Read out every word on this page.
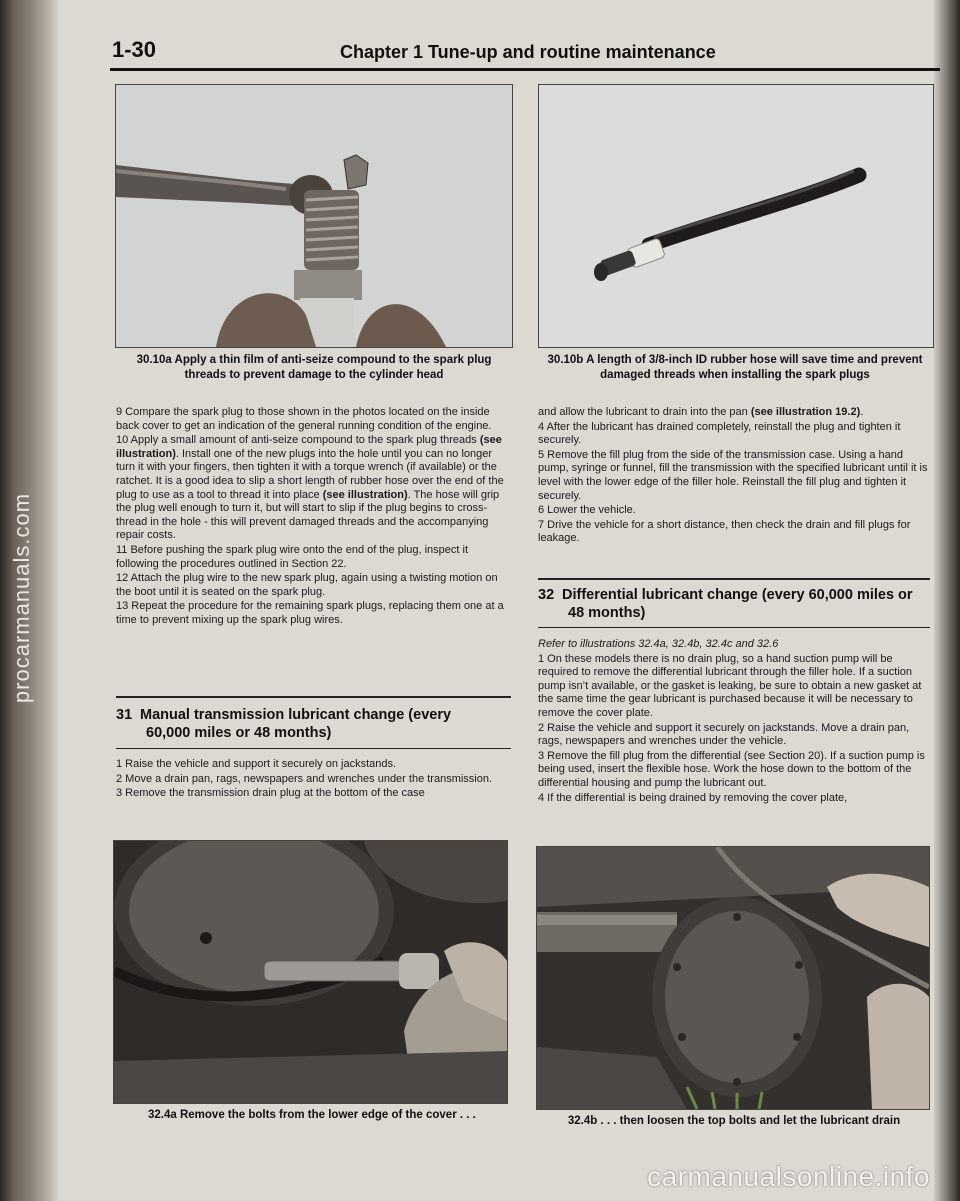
procarmanuals.com
1-30	Chapter 1 Tune-up and routine maintenance
30.10a Apply a thin film of anti-seize compound to the spark plug threads to prevent damage to the cylinder head
30.10b A length of 3/8-inch ID rubber hose will save time and prevent damaged threads when installing the spark plugs

9 Compare the spark plug to those shown in the photos located on the inside back cover to get an indication of the general running condition of the engine.

10 Apply a small amount of anti-seize compound to the spark plug threads (see illustration). Install one of the new plugs into the hole until you can no longer turn it with your fingers, then tighten it with a torque wrench (if available) or the ratchet. It is a good idea to slip a short length of rubber hose over the end of the plug to use as a tool to thread it into place (see illustration). The hose will grip the plug well enough to turn it, but will start to slip if the plug begins to cross-thread in the hole - this will prevent damaged threads and the accompanying repair costs.

11 Before pushing the spark plug wire onto the end of the plug, inspect it following the procedures outlined in Section 22.

12 Attach the plug wire to the new spark plug, again using a twisting motion on the boot until it is seated on the spark plug.

13 Repeat the procedure for the remaining spark plugs, replacing them one at a time to prevent mixing up the spark plug wires.

31 Manual transmission lubricant change (every
60,000 miles or 48 months)

1 Raise the vehicle and support it securely on jackstands.

2 Move a drain pan, rags, newspapers and wrenches under the transmission.

3 Remove the transmission drain plug at the bottom of the case

and allow the lubricant to drain into the pan (see illustration 19.2).

4 After the lubricant has drained completely, reinstall the plug and tighten it securely.

5 Remove the fill plug from the side of the transmission case. Using a hand pump, syringe or funnel, fill the transmission with the specified lubricant until it is level with the lower edge of the filler hole. Reinstall the fill plug and tighten it securely.

6 Lower the vehicle.

7 Drive the vehicle for a short distance, then check the drain and fill plugs for leakage.

32 Differential lubricant change (every 60,000 miles or
48 months)

Refer to illustrations 32.4a, 32.4b, 32.4c and 32.6

1 On these models there is no drain plug, so a hand suction pump will be required to remove the differential lubricant through the filler hole. If a suction pump isn’t available, or the gasket is leaking, be sure to obtain a new gasket at the same time the gear lubricant is purchased because it will be necessary to remove the cover plate.

2 Raise the vehicle and support it securely on jackstands. Move a drain pan, rags, newspapers and wrenches under the vehicle.

3 Remove the fill plug from the differential (see Section 20). If a suction pump is being used, insert the flexible hose. Work the hose down to the bottom of the differential housing and pump the lubricant out.

4 If the differential is being drained by removing the cover plate,

32.4a Remove the bolts from the lower edge of the cover . . .	32.4b . . . then loosen the top bolts and let the lubricant drain
carmanualsonline.info
